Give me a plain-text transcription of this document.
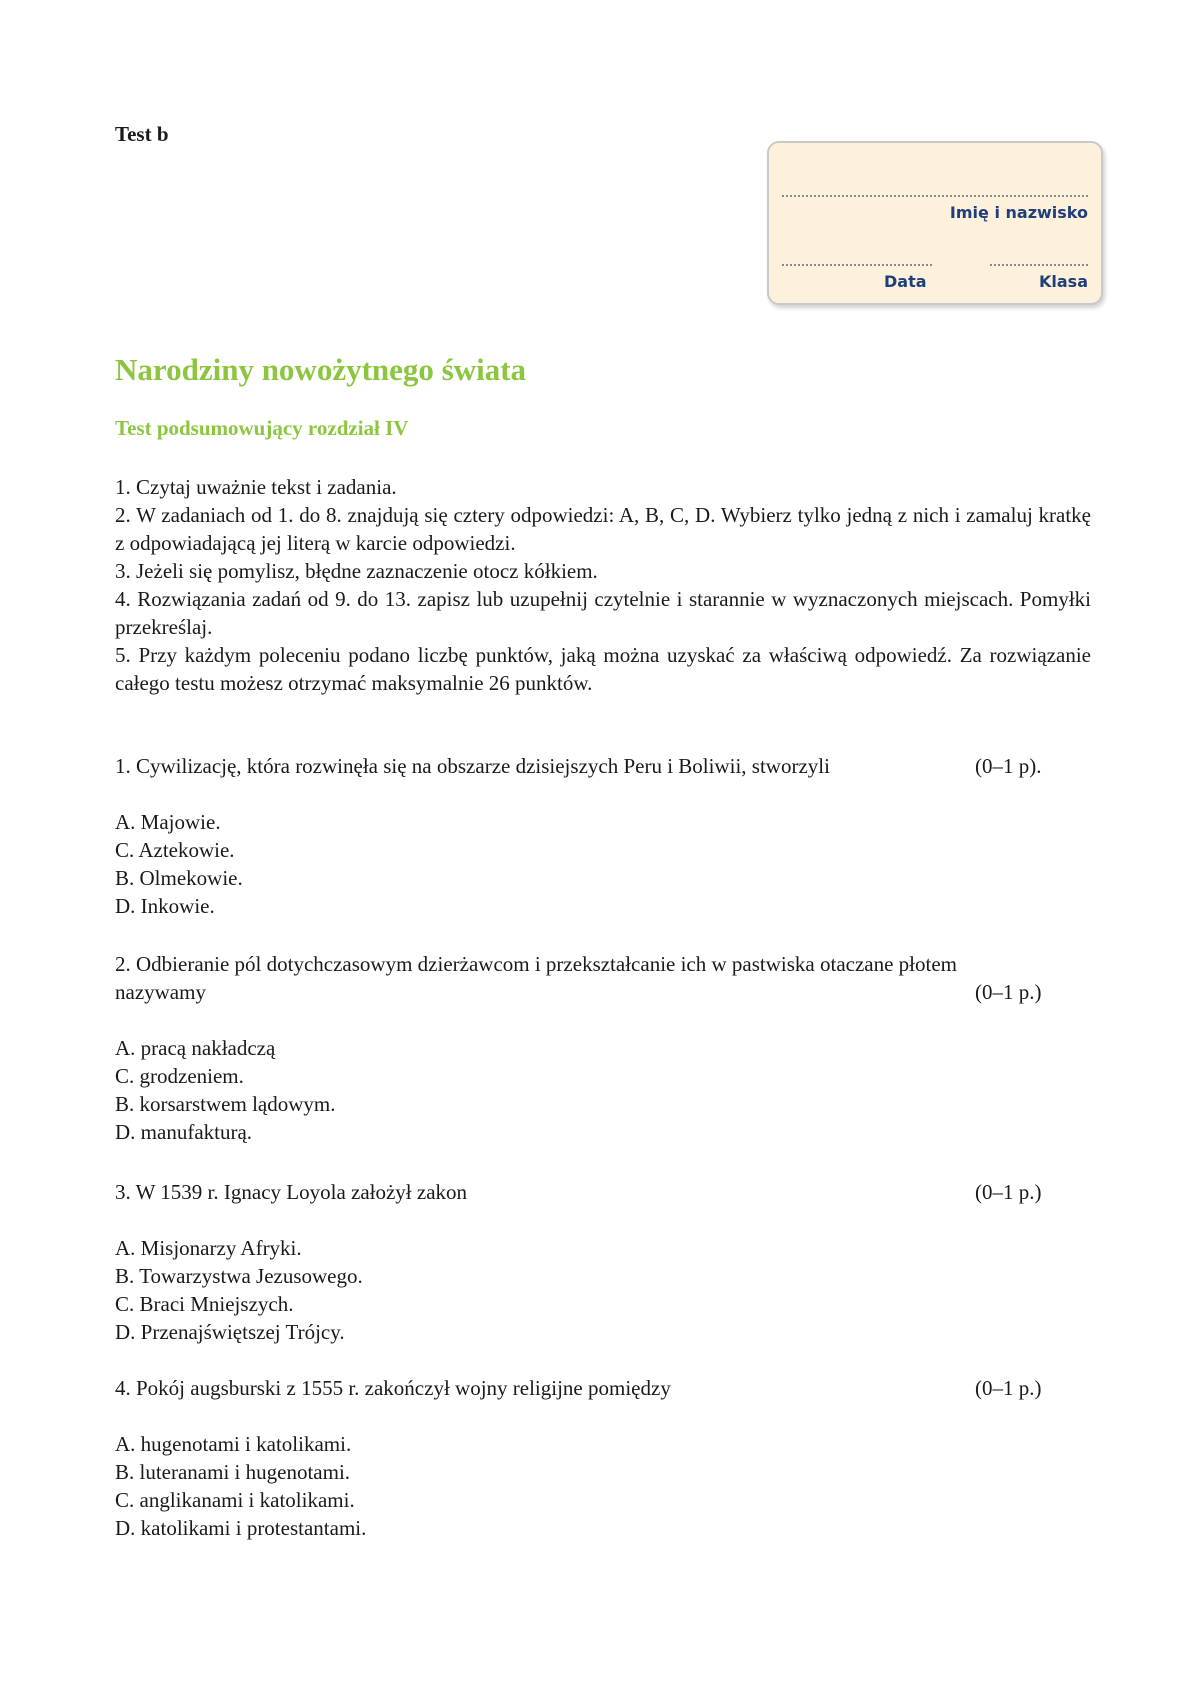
Test b
Imię i nazwisko
Data	Klasa
Narodziny nowożytnego świata
Test podsumowujący rozdział IV

1. Czytaj uważnie tekst i zadania.

2. W zadaniach od 1. do 8. znajdują się cztery odpowiedzi: A, B, C, D. Wybierz tylko jedną z nich i zamaluj kratkę z odpowiadającą jej literą w karcie odpowiedzi.

3. Jeżeli się pomylisz, błędne zaznaczenie otocz kółkiem.

4. Rozwiązania zadań od 9. do 13. zapisz lub uzupełnij czytelnie i starannie w wyznaczonych miejscach. Pomyłki przekreślaj.

5. Przy każdym poleceniu podano liczbę punktów, jaką można uzyskać za właściwą odpowiedź. Za rozwiązanie całego testu możesz otrzymać maksymalnie 26 punktów.

1. Cywilizację, która rozwinęła się na obszarze dzisiejszych Peru i Boliwii, stworzyli	(0–1 p).

A. Majowie.
C. Aztekowie.
B. Olmekowie.
D. Inkowie.

2. Odbieranie pól dotychczasowym dzierżawcom i przekształcanie ich w pastwiska otaczane płotem nazywamy	(0–1 p.)

A. pracą nakładczą
C. grodzeniem.
B. korsarstwem lądowym.
D. manufakturą.

3. W 1539 r. Ignacy Loyola założył zakon	(0–1 p.)

A. Misjonarzy Afryki.
B. Towarzystwa Jezusowego.
C. Braci Mniejszych.
D. Przenajświętszej Trójcy.

4. Pokój augsburski z 1555 r. zakończył wojny religijne pomiędzy	(0–1 p.)

A. hugenotami i katolikami.
B. luteranami i hugenotami.
C. anglikanami i katolikami.
D. katolikami i protestantami.
